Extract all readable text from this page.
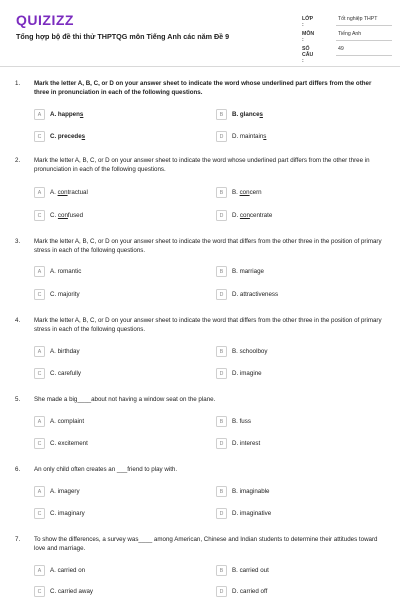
QUIZIZZ
Tổng hợp bộ đề thi thử THPTQG môn Tiếng Anh các năm Đề 9
LỚP :
Tốt nghiệp THPT
MÔN :
Tiếng Anh
SỐ CÂU :
49
1. Mark the letter A, B, C, or D on your answer sheet to indicate the word whose underlined part differs from the other three in pronunciation in each of the following questions.
A	A. happens	B	B. glances
C	C. precedes	D	D. maintains
2. Mark the letter A, B, C, or D on your answer sheet to indicate the word whose underlined part differs from the other three in pronunciation in each of the following questions.
A	A. contractual	B	B. concern
C	C. confused	D	D. concentrate
3. Mark the letter A, B, C, or D on your answer sheet to indicate the word that differs from the other three in the position of primary stress in each of the following questions.
A	A. romantic	B	B. marriage
C	C. majority	D	D. attractiveness
4. Mark the letter A, B, C, or D on your answer sheet to indicate the word that differs from the other three in the position of primary stress in each of the following questions.
A	A. birthday	B	B. schoolboy
C	C. carefully	D	D. imagine
5. She made a big____about not having a window seat on the plane.
A	A. complaint	B	B. fuss
C	C. excitement	D	D. interest
6. An only child often creates an ___friend to play with.
A	A. imagery	B	B. imaginable
C	C. imaginary	D	D. imaginative
7. To show the differences, a survey was____ among American, Chinese and Indian students to determine their attitudes toward love and marriage.
A	A. carried on	B	B. carried out
C	C. carried away	D	D. carried off
